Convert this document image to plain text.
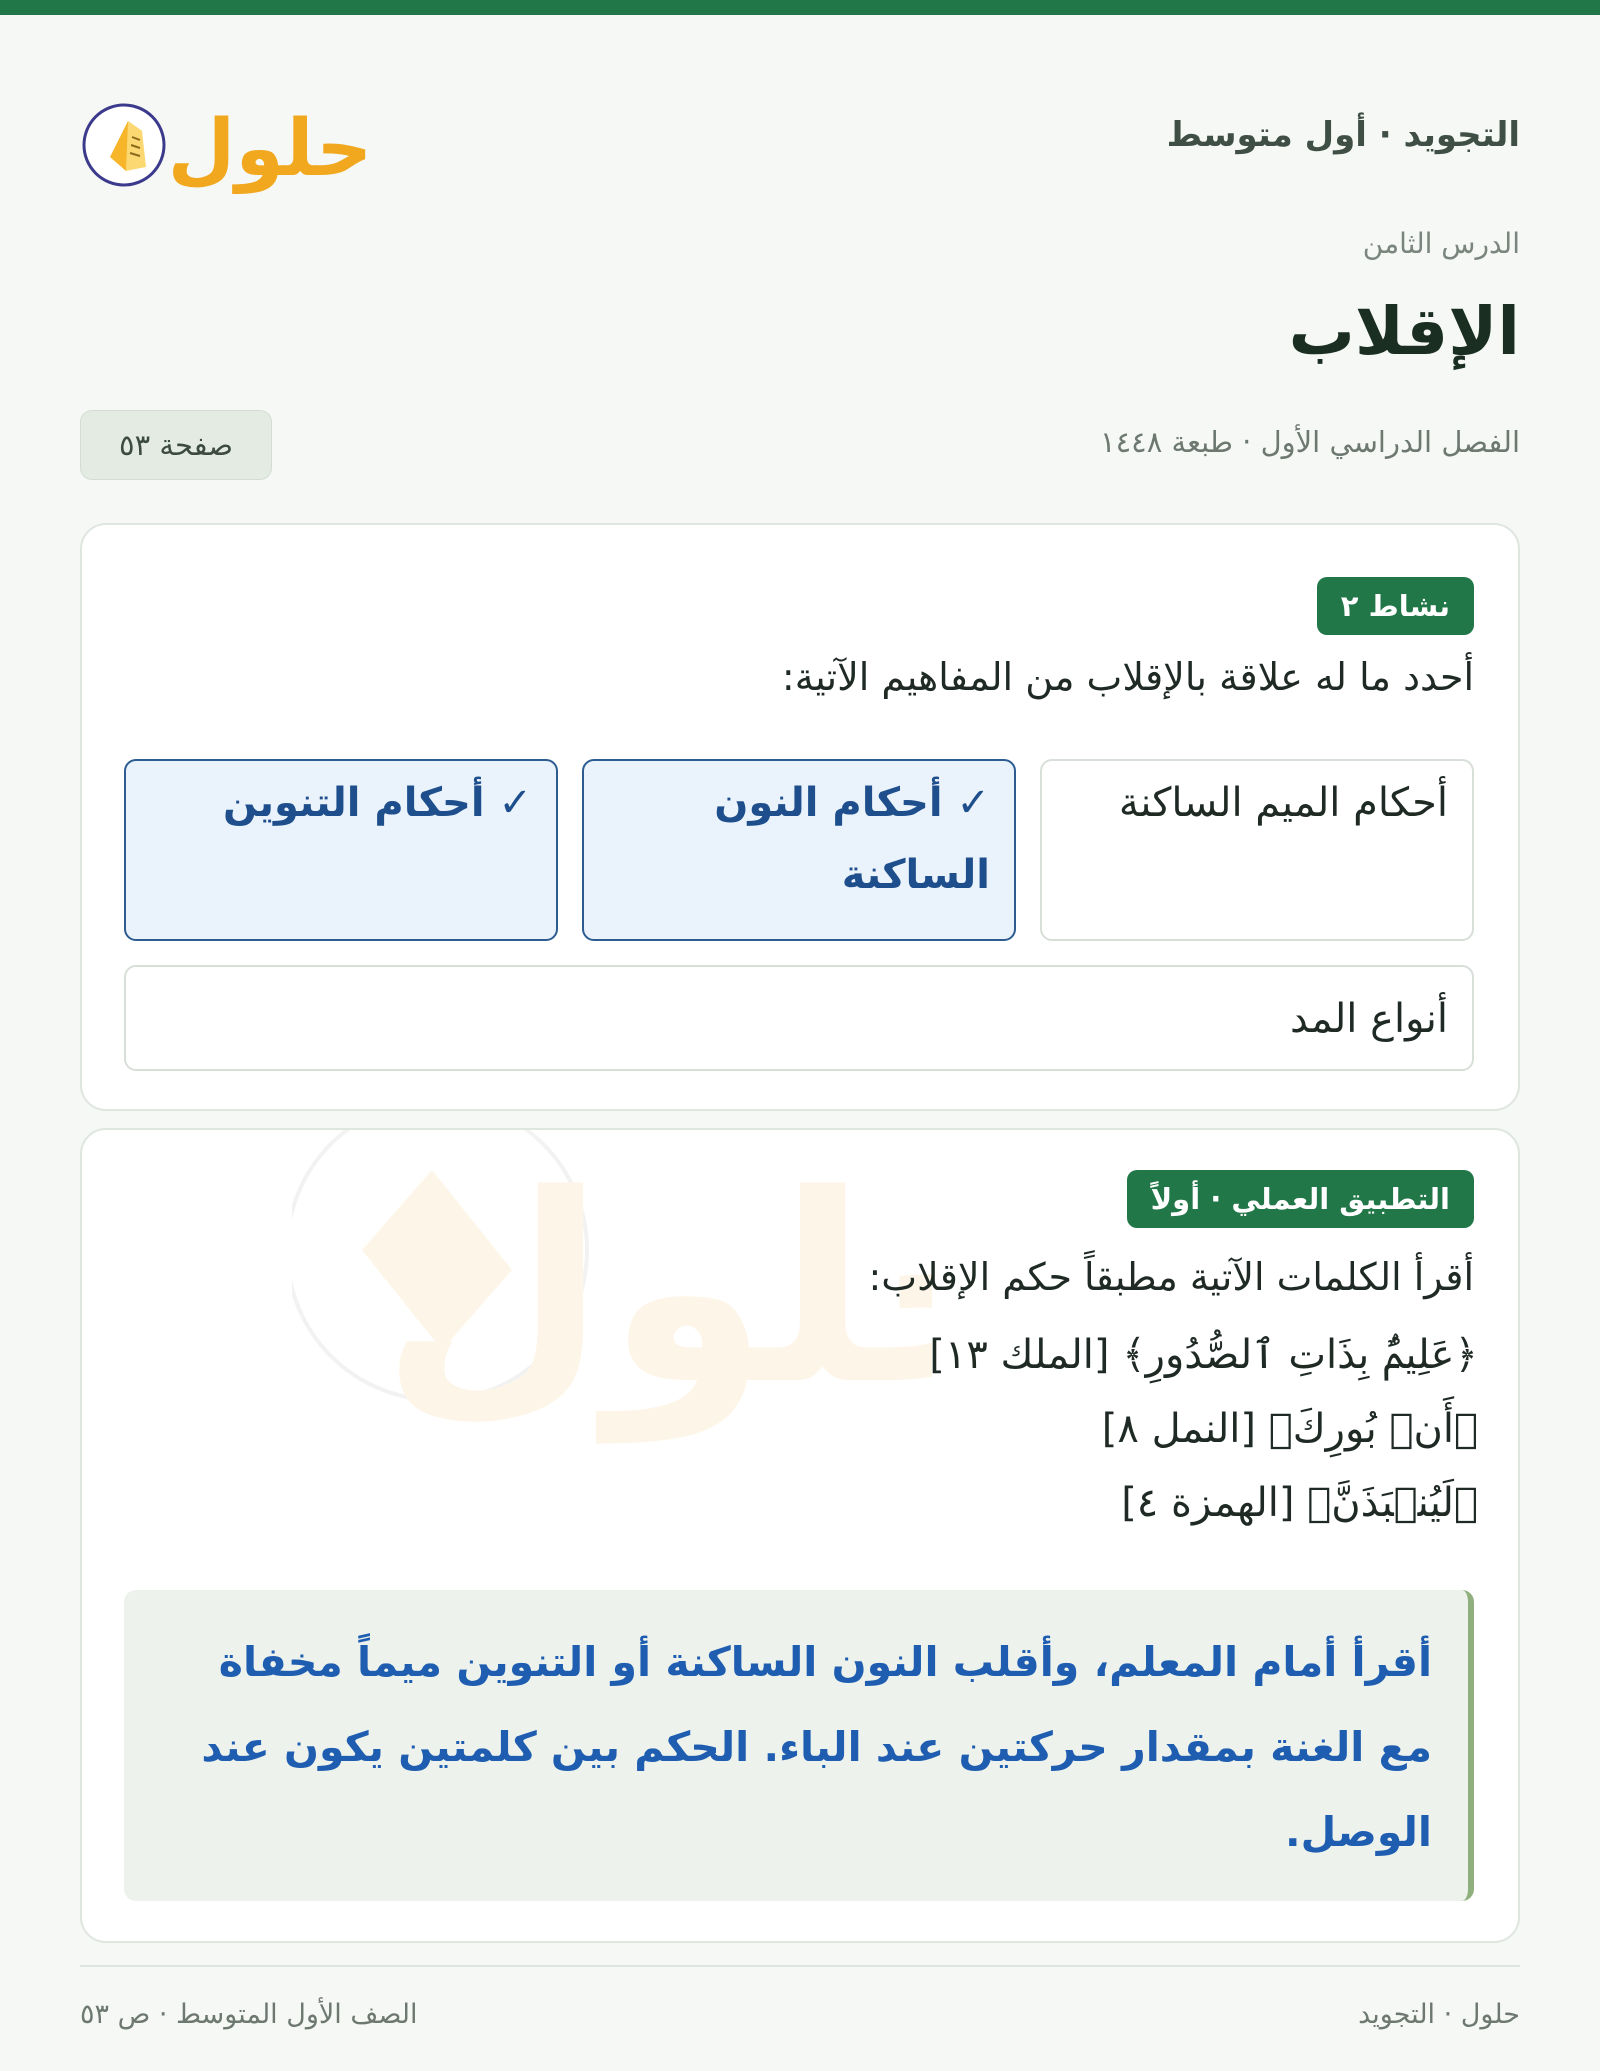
التجويد · أول متوسط
حلول
الدرس الثامن
الإقلاب
الفصل الدراسي الأول · طبعة ١٤٤٨
صفحة ٥٣
نشاط ٢
أحدد ما له علاقة بالإقلاب من المفاهيم الآتية:
أحكام الميم الساكنة
✓ أحكام النون الساكنة
✓ أحكام التنوين
أنواع المد
لول	التطبيق العملي · أولاً
أقرأ الكلمات الآتية مطبقاً حكم الإقلاب:
﴿عَلِيمٌۢ بِذَاتِ ٱلصُّدُورِ﴾ [الملك ١٣]
﴿أَنۢ بُورِكَ﴾ [النمل ٨]
﴿لَيُنۢبَذَنَّ﴾ [الهمزة ٤]
أقرأ أمام المعلم، وأقلب النون الساكنة أو التنوين ميماً مخفاة مع الغنة بمقدار حركتين عند الباء. الحكم بين كلمتين يكون عند الوصل.
حلول · التجويد
الصف الأول المتوسط · ص ٥٣
